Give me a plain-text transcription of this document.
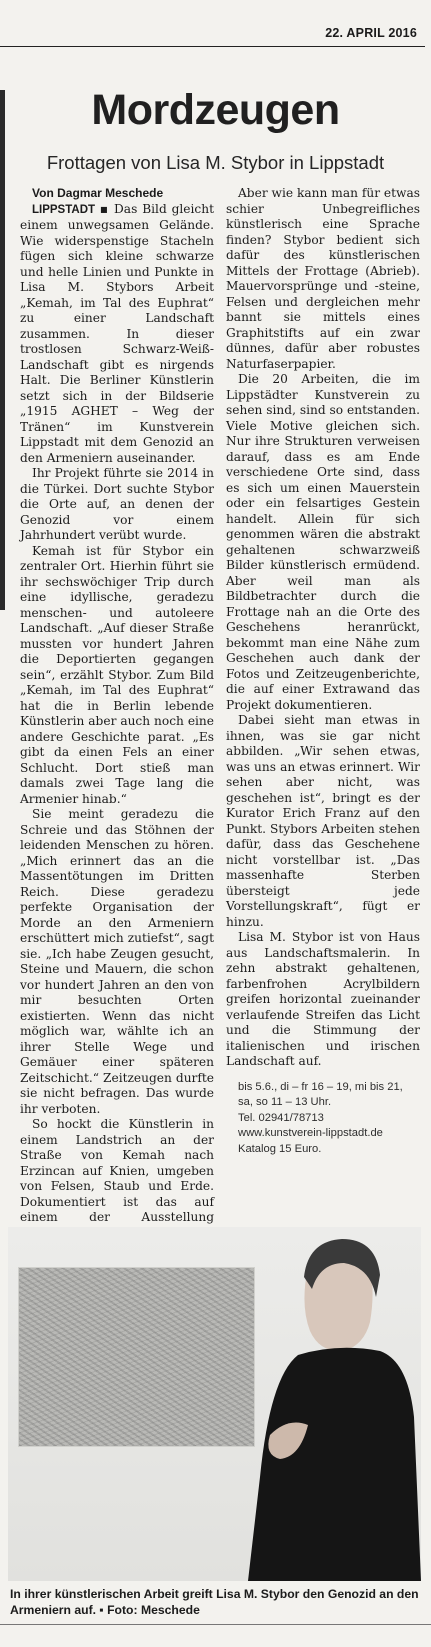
22. APRIL 2016
Mordzeugen
Frottagen von Lisa M. Stybor in Lippstadt

Von Dagmar Meschede

LIPPSTADT ▪ Das Bild gleicht einem unwegsamen Gelände. Wie widerspenstige Stacheln fügen sich kleine schwarze und helle Linien und Punkte in Lisa M. Stybors Arbeit „Kemah, im Tal des Euphrat“ zu einer Landschaft zusammen. In dieser trostlosen Schwarz-Weiß-Landschaft gibt es nirgends Halt. Die Berliner Künstlerin setzt sich in der Bildserie „1915 AGHET – Weg der Tränen“ im Kunstverein Lippstadt mit dem Genozid an den Armeniern auseinander.

Ihr Projekt führte sie 2014 in die Türkei. Dort suchte Stybor die Orte auf, an denen der Genozid vor einem Jahrhundert verübt wurde.

Kemah ist für Stybor ein zentraler Ort. Hierhin führt sie ihr sechswöchiger Trip durch eine idyllische, geradezu menschen- und autoleere Landschaft. „Auf dieser Straße mussten vor hundert Jahren die Deportierten gegangen sein“, erzählt Stybor. Zum Bild „Kemah, im Tal des Euphrat“ hat die in Berlin lebende Künstlerin aber auch noch eine andere Geschichte parat. „Es gibt da einen Fels an einer Schlucht. Dort stieß man damals zwei Tage lang die Armenier hinab.“

Sie meint geradezu die Schreie und das Stöhnen der leidenden Menschen zu hören. „Mich erinnert das an die Massentötungen im Dritten Reich. Diese geradezu perfekte Organisation der Morde an den Armeniern erschüttert mich zutiefst“, sagt sie. „Ich habe Zeugen gesucht, Steine und Mauern, die schon vor hundert Jahren an den von mir besuchten Orten existierten. Wenn das nicht möglich war, wählte ich an ihrer Stelle Wege und Gemäuer einer späteren Zeitschicht.“ Zeitzeugen durfte sie nicht befragen. Das wurde ihr verboten.

So hockt die Künstlerin in einem Landstrich an der Straße von Kemah nach Erzincan auf Knien, umgeben von Felsen, Staub und Erde. Dokumentiert ist das auf einem der Ausstellung

Aber wie kann man für etwas schier Unbegreifliches künstlerisch eine Sprache finden? Stybor bedient sich dafür des künstlerischen Mittels der Frottage (Abrieb). Mauervorsprünge und -steine, Felsen und dergleichen mehr bannt sie mittels eines Graphitstifts auf ein zwar dünnes, dafür aber robustes Naturfaserpapier.

Die 20 Arbeiten, die im Lippstädter Kunstverein zu sehen sind, sind so entstanden. Viele Motive gleichen sich. Nur ihre Strukturen verweisen darauf, dass es am Ende verschiedene Orte sind, dass es sich um einen Mauerstein oder ein felsartiges Gestein handelt. Allein für sich genommen wären die abstrakt gehaltenen schwarzweiß Bilder künstlerisch ermüdend. Aber weil man als Bildbetrachter durch die Frottage nah an die Orte des Geschehens heranrückt, bekommt man eine Nähe zum Geschehen auch dank der Fotos und Zeitzeugenberichte, die auf einer Extrawand das Projekt dokumentieren.

Dabei sieht man etwas in ihnen, was sie gar nicht abbilden. „Wir sehen etwas, was uns an etwas erinnert. Wir sehen aber nicht, was geschehen ist“, bringt es der Kurator Erich Franz auf den Punkt. Stybors Arbeiten stehen dafür, dass das Geschehene nicht vorstellbar ist. „Das massenhafte Sterben übersteigt jede Vorstellungskraft“, fügt er hinzu.

Lisa M. Stybor ist von Haus aus Landschaftsmalerin. In zehn abstrakt gehaltenen, farbenfrohen Acrylbildern greifen horizontal zueinander verlaufende Streifen das Licht und die Stimmung der italienischen und irischen Landschaft auf.

bis 5.6., di – fr 16 – 19, mi bis 21,
sa, so 11 – 13 Uhr.
Tel. 02941/78713
www.kunstverein-lippstadt.de
Katalog 15 Euro.
In ihrer künstlerischen Arbeit greift Lisa M. Stybor den Genozid an den Armeniern auf. ▪ Foto: Meschede
